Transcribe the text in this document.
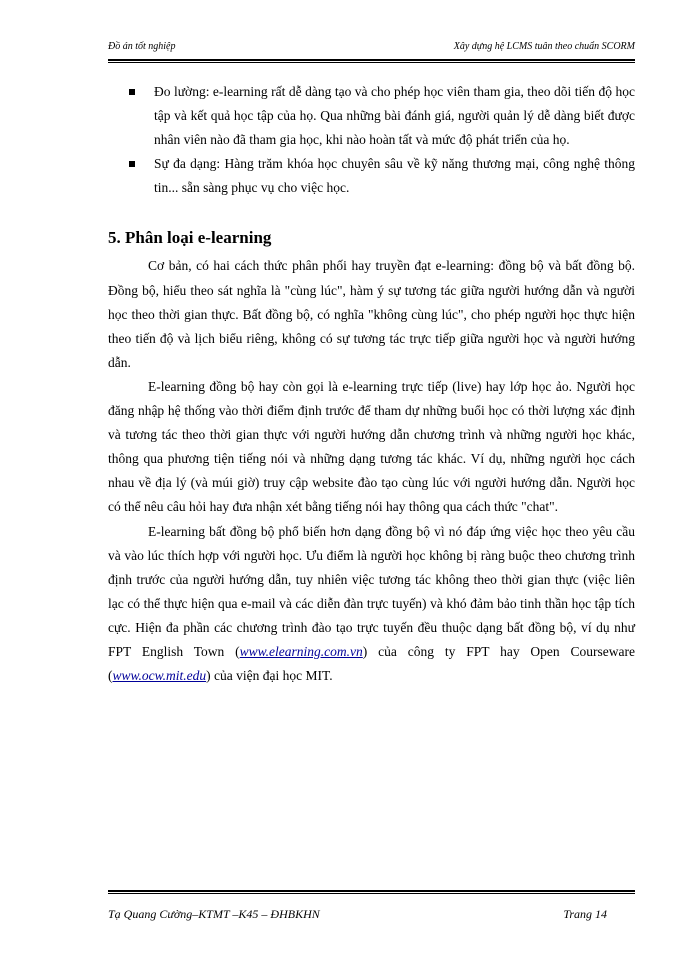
Đồ án tốt nghiệp	Xây dựng hệ LCMS tuân theo chuẩn SCORM
Đo lường: e-learning rất dễ dàng tạo và cho phép học viên tham gia, theo dõi tiến độ học tập và kết quả học tập của họ. Qua những bài đánh giá, người quản lý dễ dàng biết được nhân viên nào đã tham gia học, khi nào hoàn tất và mức độ phát triển của họ.
Sự đa dạng: Hàng trăm khóa học chuyên sâu về kỹ năng thương mại, công nghệ thông tin... sẵn sàng phục vụ cho việc học.
5. Phân loại e-learning

Cơ bản, có hai cách thức phân phối hay truyền đạt e-learning: đồng bộ và bất đồng bộ. Đồng bộ, hiểu theo sát nghĩa là "cùng lúc", hàm ý sự tương tác giữa người hướng dẫn và người học theo thời gian thực. Bất đồng bộ, có nghĩa "không cùng lúc", cho phép người học thực hiện theo tiến độ và lịch biểu riêng, không có sự tương tác trực tiếp giữa người học và người hướng dẫn.

E-learning đồng bộ hay còn gọi là e-learning trực tiếp (live) hay lớp học ảo. Người học đăng nhập hệ thống vào thời điểm định trước để tham dự những buổi học có thời lượng xác định và tương tác theo thời gian thực với người hướng dẫn chương trình và những người học khác, thông qua phương tiện tiếng nói và những dạng tương tác khác. Ví dụ, những người học cách nhau về địa lý (và múi giờ) truy cập website đào tạo cùng lúc với người hướng dẫn. Người học có thể nêu câu hỏi hay đưa nhận xét bằng tiếng nói hay thông qua cách thức "chat".

E-learning bất đồng bộ phổ biến hơn dạng đồng bộ vì nó đáp ứng việc học theo yêu cầu và vào lúc thích hợp với người học. Ưu điểm là người học không bị ràng buộc theo chương trình định trước của người hướng dẫn, tuy nhiên việc tương tác không theo thời gian thực (việc liên lạc có thể thực hiện qua e-mail và các diễn đàn trực tuyến) và khó đảm bảo tinh thần học tập tích cực. Hiện đa phần các chương trình đào tạo trực tuyến đều thuộc dạng bất đồng bộ, ví dụ như FPT English Town (www.elearning.com.vn) của công ty FPT hay Open Courseware (www.ocw.mit.edu) của viện đại học MIT.

Tạ Quang Cường–KTMT –K45 – ĐHBKHN	Trang 14
